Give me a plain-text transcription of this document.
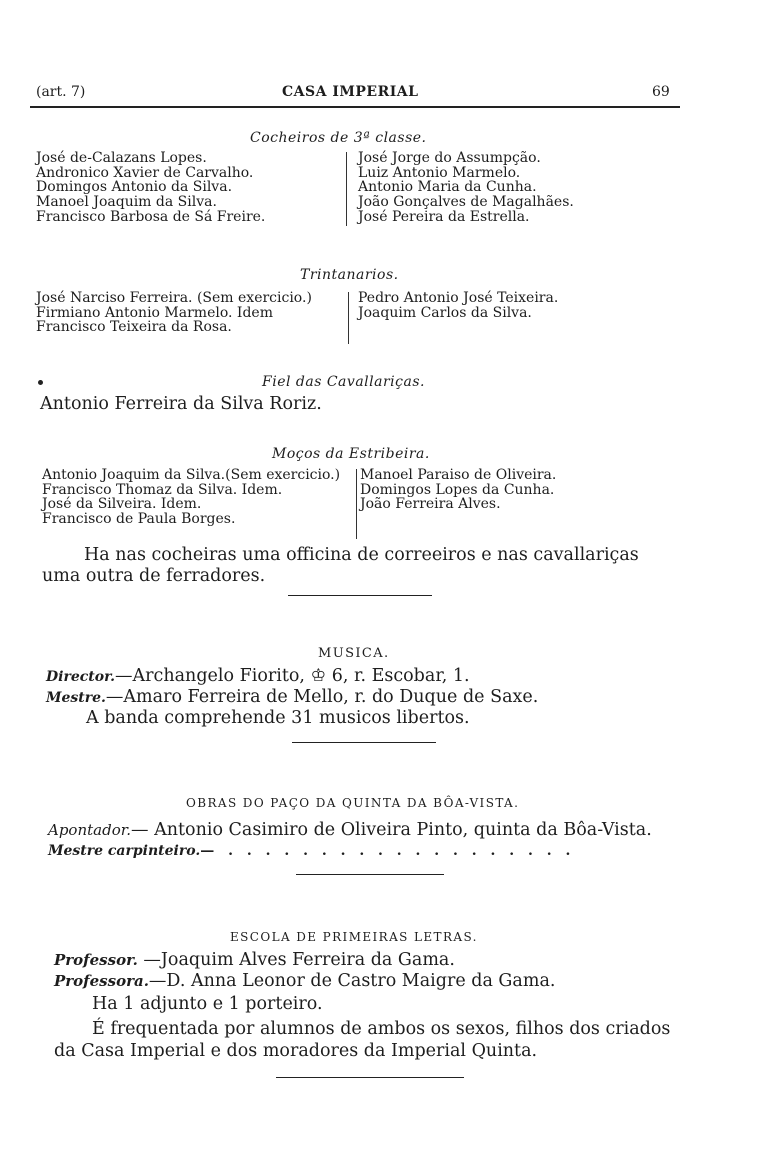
(art. 7)	CASA IMPERIAL	69
Cocheiros de 3ª classe.
José de-Calazans Lopes.
Andronico Xavier de Carvalho.
Domingos Antonio da Silva.
Manoel Joaquim da Silva.
Francisco Barbosa de Sá Freire.
José Jorge do Assumpção.
Luiz Antonio Marmelo.
Antonio Maria da Cunha.
João Gonçalves de Magalhães.
José Pereira da Estrella.
Trintanarios.
José Narciso Ferreira. (Sem exercicio.)
Firmiano Antonio Marmelo. Idem
Francisco Teixeira da Rosa.
Pedro Antonio José Teixeira.
Joaquim Carlos da Silva.
Fiel das Cavallariças.
Antonio Ferreira da Silva Roriz.
Moços da Estribeira.
Antonio Joaquim da Silva.(Sem exercicio.)
Francisco Thomaz da Silva. Idem.
José da Silveira. Idem.
Francisco de Paula Borges.
Manoel Paraiso de Oliveira.
Domingos Lopes da Cunha.
João Ferreira Alves.
Ha nas cocheiras uma officina de correeiros e nas cavallariças
uma outra de ferradores.
MUSICA.
Director.—Archangelo Fiorito, ♔ 6, r. Escobar, 1.
Mestre.—Amaro Ferreira de Mello, r. do Duque de Saxe.
A banda comprehende 31 musicos libertos.
OBRAS DO PAÇO DA QUINTA DA BÔA-VISTA.
Apontador.— Antonio Casimiro de Oliveira Pinto, quinta da Bôa-Vista.
Mestre carpinteiro.— . . . . . . . . . . . . . . . . . . .
ESCOLA DE PRIMEIRAS LETRAS.
Professor. —Joaquim Alves Ferreira da Gama.
Professora.—D. Anna Leonor de Castro Maigre da Gama.
Ha 1 adjunto e 1 porteiro.
É frequentada por alumnos de ambos os sexos, filhos dos criados
da Casa Imperial e dos moradores da Imperial Quinta.
